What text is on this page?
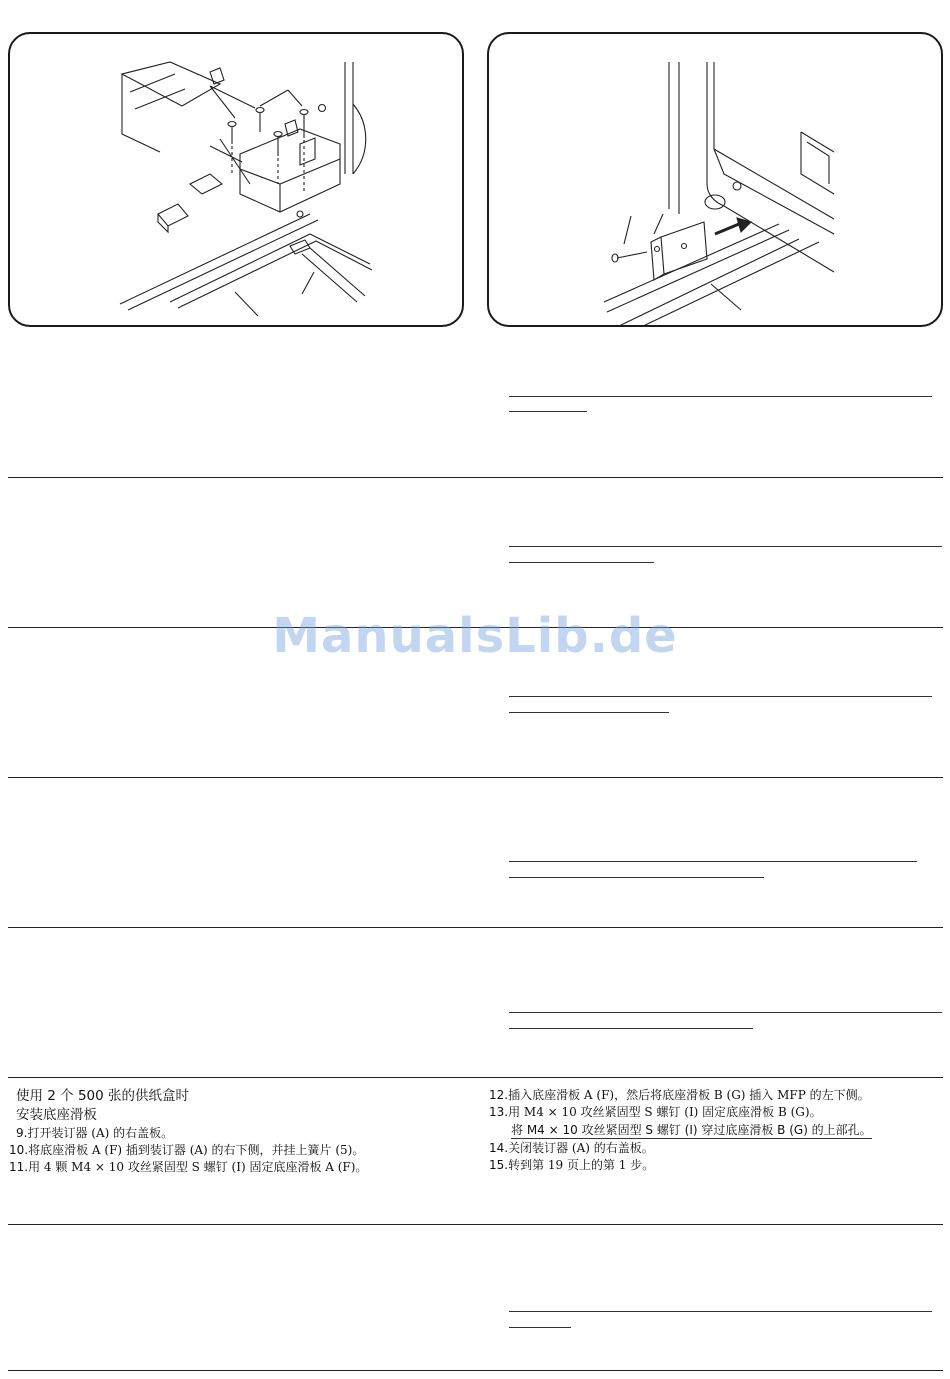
ManualsLib.de
使用 2 个 500 张的供纸盒时
安装底座滑板
9.打开装订器 (A) 的右盖板。
10.将底座滑板 A (F) 插到装订器 (A) 的右下侧，并挂上簧片 (5)。
11.用 4 颗 M4 × 10 攻丝紧固型 S 螺钉 (I) 固定底座滑板 A (F)。
12.插入底座滑板 A (F)，然后将底座滑板 B (G) 插入 MFP 的左下侧。
13.用 M4 × 10 攻丝紧固型 S 螺钉 (I) 固定底座滑板 B (G)。
将 M4 × 10 攻丝紧固型 S 螺钉 (I) 穿过底座滑板 B (G) 的上部孔。
14.关闭装订器 (A) 的右盖板。
15.转到第 19 页上的第 1 步。
